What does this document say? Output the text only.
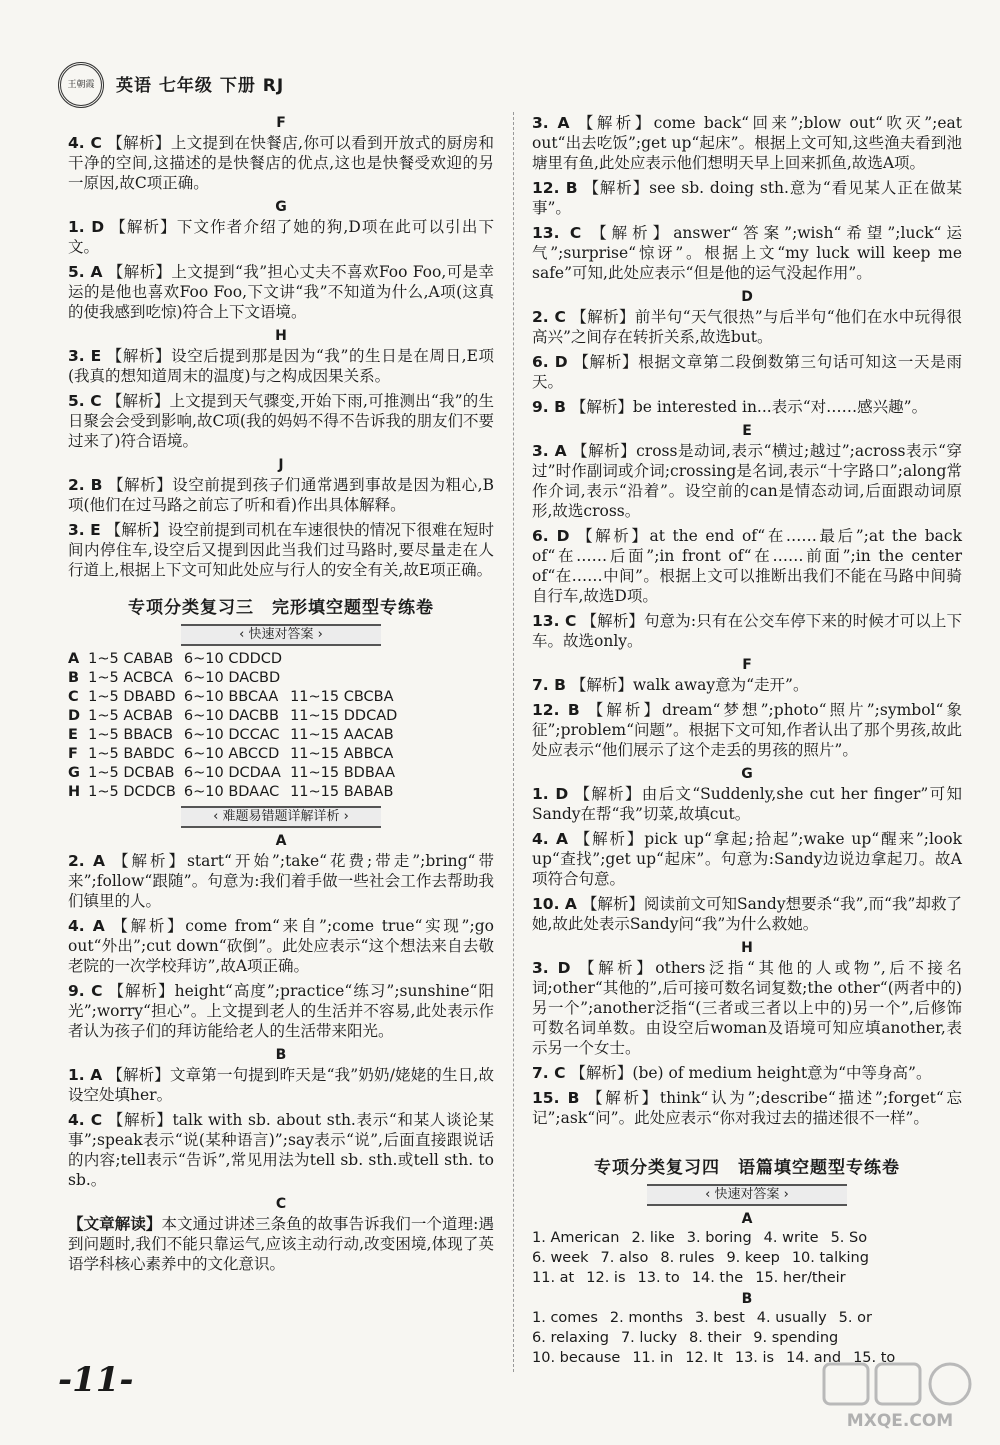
王朝霞 英语 七年级 下册 RJ
F
4. C 【解析】上文提到在快餐店,你可以看到开放式的厨房和干净的空间,这描述的是快餐店的优点,这也是快餐受欢迎的另一原因,故C项正确。
G
1. D 【解析】下文作者介绍了她的狗,D项在此可以引出下文。
5. A 【解析】上文提到“我”担心丈夫不喜欢Foo Foo,可是幸运的是他也喜欢Foo Foo,下文讲“我”不知道为什么,A项(这真的使我感到吃惊)符合上下文语境。
H
3. E 【解析】设空后提到那是因为“我”的生日是在周日,E项(我真的想知道周末的温度)与之构成因果关系。
5. C 【解析】上文提到天气骤变,开始下雨,可推测出“我”的生日聚会会受到影响,故C项(我的妈妈不得不告诉我的朋友们不要过来了)符合语境。
J
2. B 【解析】设空前提到孩子们通常遇到事故是因为粗心,B项(他们在过马路之前忘了听和看)作出具体解释。
3. E 【解析】设空前提到司机在车速很快的情况下很难在短时间内停住车,设空后又提到因此当我们过马路时,要尽量走在人行道上,根据上下文可知此处应与行人的安全有关,故E项正确。
专项分类复习三　完形填空题型专练卷
‹ 快速对答案 ›
A	1~5 CABAB	6~10 CDDCD	
B	1~5 ACBCA	6~10 DACBD	
C	1~5 DBABD	6~10 BBCAA	11~15 CBCBA
D	1~5 ACBAB	6~10 DACBB	11~15 DDCAD
E	1~5 BBACB	6~10 DCCAC	11~15 AACAB
F	1~5 BABDC	6~10 ABCCD	11~15 ABBCA
G	1~5 DCBAB	6~10 DCDAA	11~15 BDBAA
H	1~5 DCDCB	6~10 BDAAC	11~15 BABAB
‹ 难题易错题详解详析 ›
A
2. A 【解析】start“开始”;take“花费;带走”;bring“带来”;follow“跟随”。句意为:我们着手做一些社会工作去帮助我们镇里的人。
4. A 【解析】come from“来自”;come true“实现”;go out“外出”;cut down“砍倒”。此处应表示“这个想法来自去敬老院的一次学校拜访”,故A项正确。
9. C 【解析】height“高度”;practice“练习”;sunshine“阳光”;worry“担心”。上文提到老人的生活并不容易,此处表示作者认为孩子们的拜访能给老人的生活带来阳光。
B
1. A 【解析】文章第一句提到昨天是“我”奶奶/姥姥的生日,故设空处填her。
4. C 【解析】talk with sb. about sth.表示“和某人谈论某事”;speak表示“说(某种语言)”;say表示“说”,后面直接跟说话的内容;tell表示“告诉”,常见用法为tell sb. sth.或tell sth. to sb.。
C
【文章解读】本文通过讲述三条鱼的故事告诉我们一个道理:遇到问题时,我们不能只靠运气,应该主动行动,改变困境,体现了英语学科核心素养中的文化意识。
3. A 【解析】come back“回来”;blow out“吹灭”;eat out“出去吃饭”;get up“起床”。根据上文可知,这些渔夫看到池塘里有鱼,此处应表示他们想明天早上回来抓鱼,故选A项。
12. B 【解析】see sb. doing sth.意为“看见某人正在做某事”。
13. C 【解析】answer“答案”;wish“希望”;luck“运气”;surprise“惊讶”。根据上文“my luck will keep me safe”可知,此处应表示“但是他的运气没起作用”。
D
2. C 【解析】前半句“天气很热”与后半句“他们在水中玩得很高兴”之间存在转折关系,故选but。
6. D 【解析】根据文章第二段倒数第三句话可知这一天是雨天。
9. B 【解析】be interested in...表示“对……感兴趣”。
E
3. A 【解析】cross是动词,表示“横过;越过”;across表示“穿过”时作副词或介词;crossing是名词,表示“十字路口”;along常作介词,表示“沿着”。设空前的can是情态动词,后面跟动词原形,故选cross。
6. D 【解析】at the end of“在……最后”;at the back of“在……后面”;in front of“在……前面”;in the center of“在……中间”。根据上文可以推断出我们不能在马路中间骑自行车,故选D项。
13. C 【解析】句意为:只有在公交车停下来的时候才可以上下车。故选only。
F
7. B 【解析】walk away意为“走开”。
12. B 【解析】dream“梦想”;photo“照片”;symbol“象征”;problem“问题”。根据下文可知,作者认出了那个男孩,故此处应表示“他们展示了这个走丢的男孩的照片”。
G
1. D 【解析】由后文“Suddenly,she cut her finger”可知Sandy在帮“我”切菜,故填cut。
4. A 【解析】pick up“拿起;拾起”;wake up“醒来”;look up“查找”;get up“起床”。句意为:Sandy边说边拿起刀。故A项符合句意。
10. A 【解析】阅读前文可知Sandy想要杀“我”,而“我”却救了她,故此处表示Sandy问“我”为什么救她。
H
3. D 【解析】others泛指“其他的人或物”,后不接名词;other“其他的”,后可接可数名词复数;the other“(两者中的)另一个”;another泛指“(三者或三者以上中的)另一个”,后修饰可数名词单数。由设空后woman及语境可知应填another,表示另一个女士。
7. C 【解析】(be) of medium height意为“中等身高”。
15. B 【解析】think“认为”;describe“描述”;forget“忘记”;ask“问”。此处应表示“你对我过去的描述很不一样”。
专项分类复习四　语篇填空题型专练卷
‹ 快速对答案 ›
A
1. American 2. like 3. boring 4. write 5. So
6. week 7. also 8. rules 9. keep 10. talking
11. at 12. is 13. to 14. the 15. her/their
B
1. comes 2. months 3. best 4. usually 5. or
6. relaxing 7. lucky 8. their 9. spending
10. because 11. in 12. It 13. is 14. and 15. to
-11-
MXQE.COM
